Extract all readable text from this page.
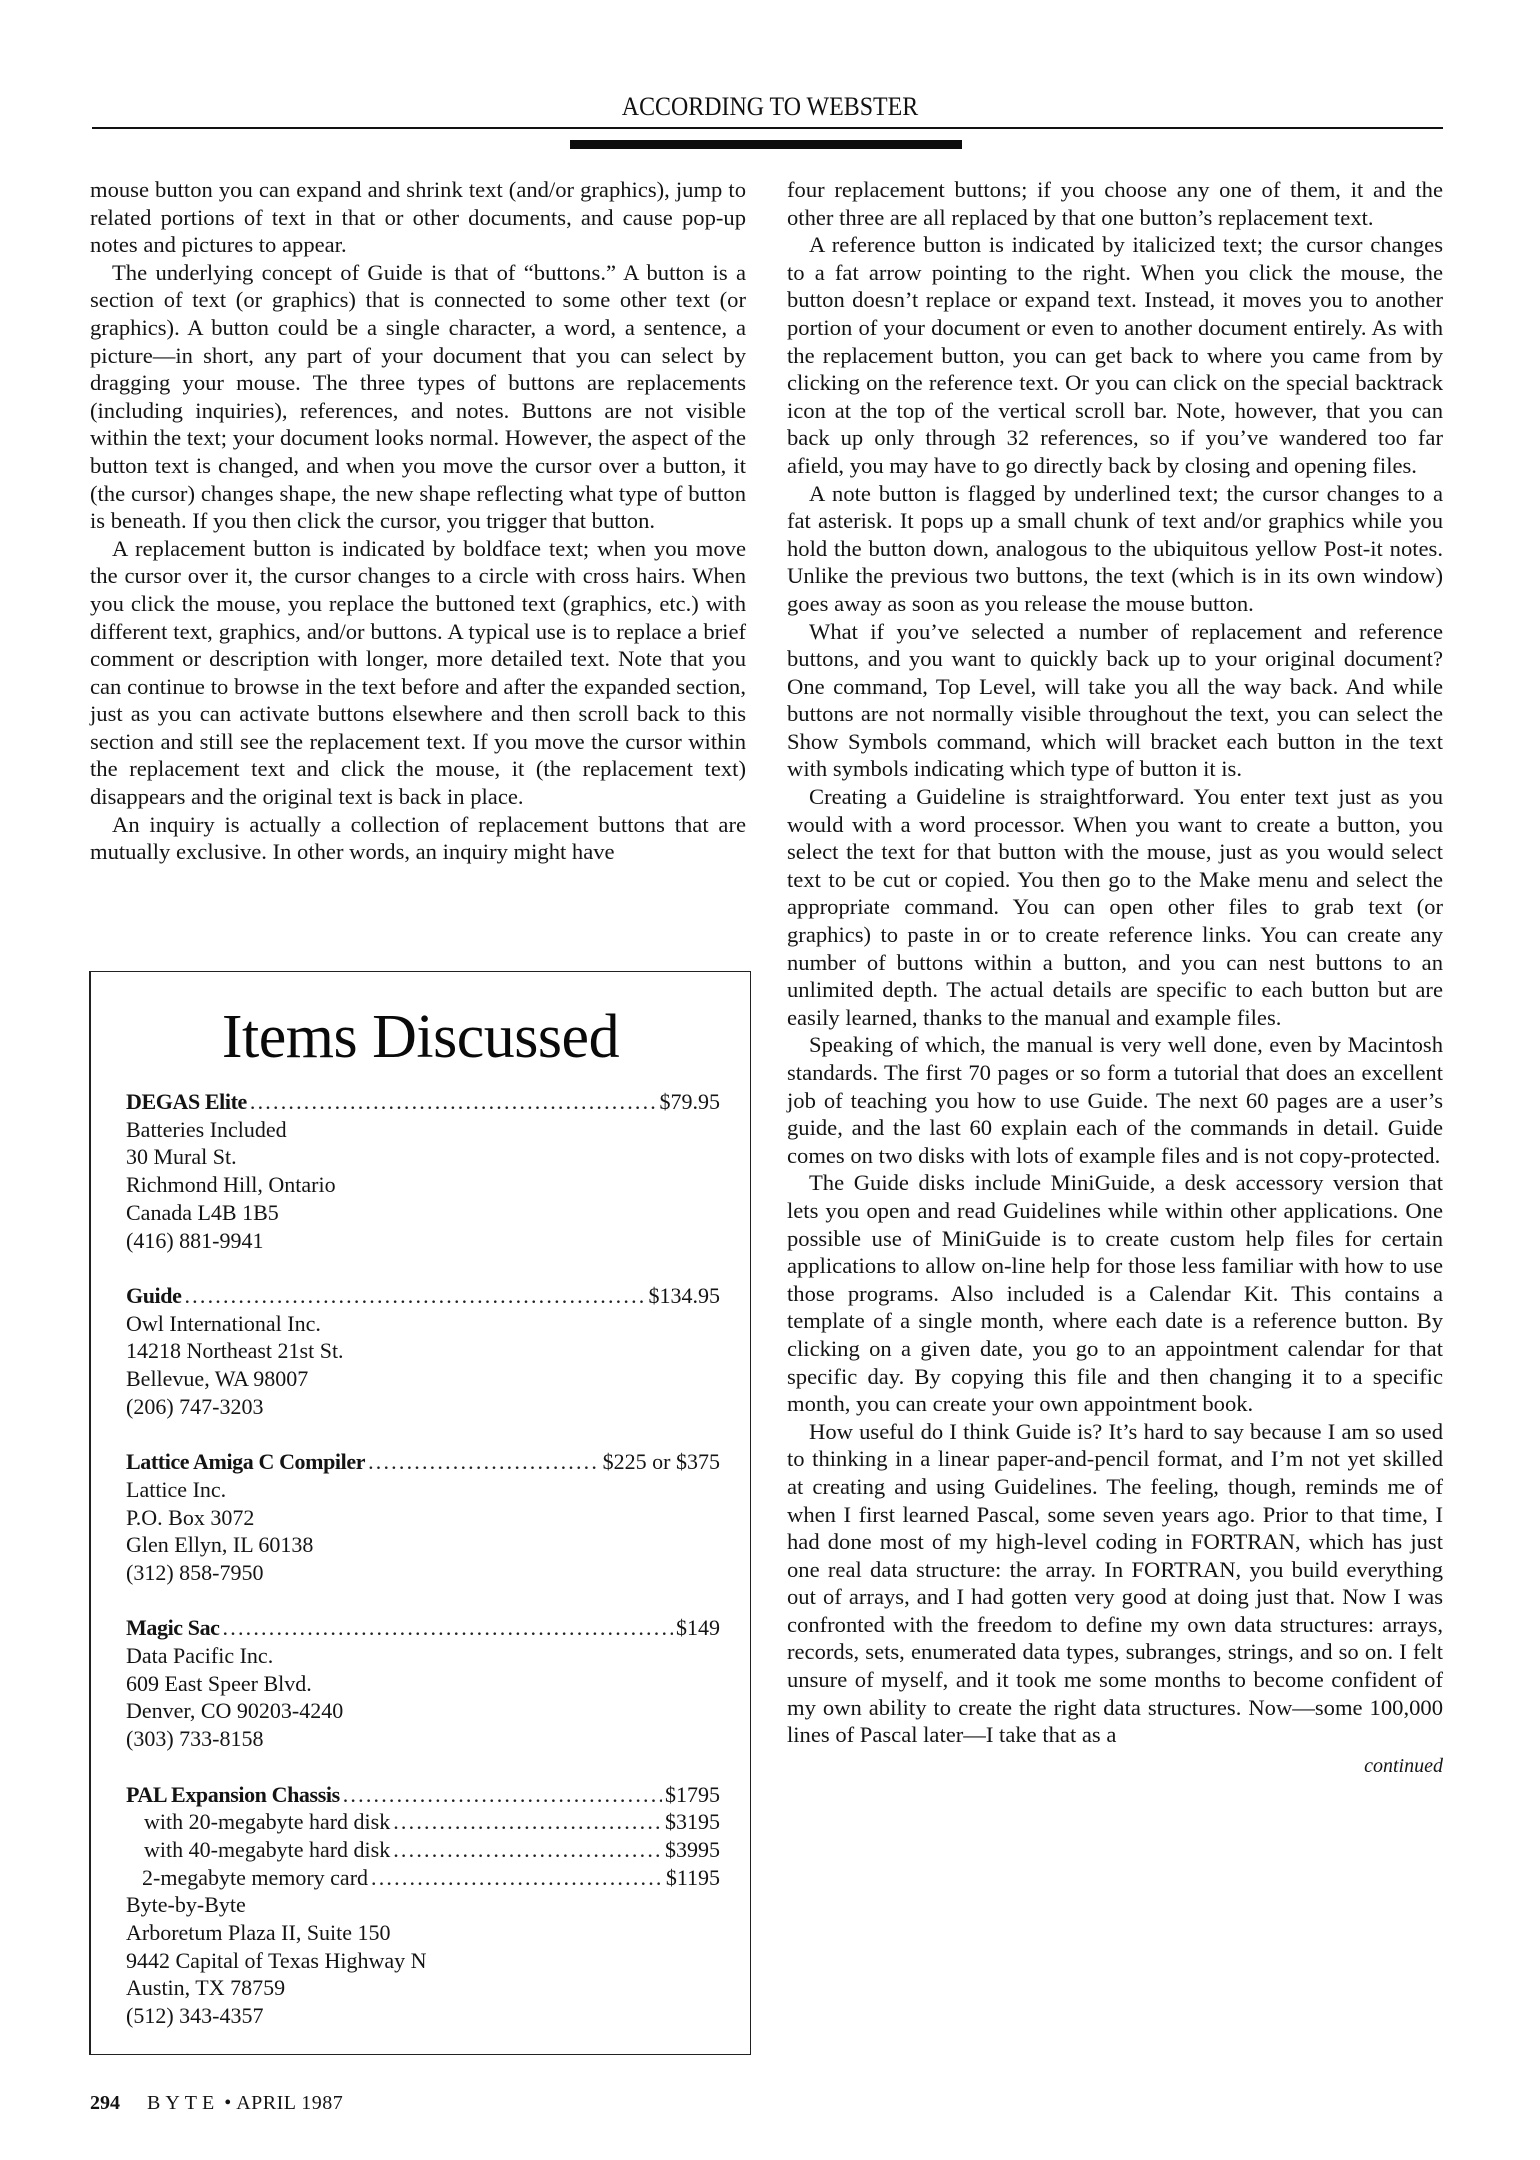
ACCORDING TO WEBSTER

mouse button you can expand and shrink text (and/or graphics), jump to related portions of text in that or other documents, and cause pop-up notes and pictures to appear.

The underlying concept of Guide is that of “buttons.” A button is a section of text (or graphics) that is connected to some other text (or graphics). A button could be a single character, a word, a sentence, a picture—in short, any part of your document that you can select by dragging your mouse. The three types of buttons are replacements (including inquiries), references, and notes. Buttons are not visible within the text; your document looks normal. However, the aspect of the button text is changed, and when you move the cursor over a button, it (the cursor) changes shape, the new shape reflecting what type of button is beneath. If you then click the cursor, you trigger that button.

A replacement button is indicated by boldface text; when you move the cursor over it, the cursor changes to a circle with cross hairs. When you click the mouse, you replace the buttoned text (graphics, etc.) with different text, graphics, and/or buttons. A typical use is to replace a brief comment or description with longer, more detailed text. Note that you can continue to browse in the text before and after the expanded section, just as you can activate buttons elsewhere and then scroll back to this section and still see the replacement text. If you move the cursor within the replacement text and click the mouse, it (the replacement text) disappears and the original text is back in place.

An inquiry is actually a collection of replacement buttons that are mutually exclusive. In other words, an inquiry might have

Items Discussed
DEGAS Elite .....	$79.95
Batteries Included
30 Mural St.
Richmond Hill, Ontario
Canada L4B 1B5
(416) 881-9941
Guide .....	$134.95
Owl International Inc.
14218 Northeast 21st St.
Bellevue, WA 98007
(206) 747-3203
Lattice Amiga C Compiler .....	$225 or $375
Lattice Inc.
P.O. Box 3072
Glen Ellyn, IL 60138
(312) 858-7950
Magic Sac .....	$149
Data Pacific Inc.
609 East Speer Blvd.
Denver, CO 90203-4240
(303) 733-8158
PAL Expansion Chassis .....	$1795
with 20-megabyte hard disk .....	$3195
with 40-megabyte hard disk .....	$3995
2-megabyte memory card .....	$1195
Byte-by-Byte
Arboretum Plaza II, Suite 150
9442 Capital of Texas Highway N
Austin, TX 78759
(512) 343-4357

four replacement buttons; if you choose any one of them, it and the other three are all replaced by that one button’s replacement text.

A reference button is indicated by italicized text; the cursor changes to a fat arrow pointing to the right. When you click the mouse, the button doesn’t replace or expand text. Instead, it moves you to another portion of your document or even to another document entirely. As with the replacement button, you can get back to where you came from by clicking on the reference text. Or you can click on the special backtrack icon at the top of the vertical scroll bar. Note, however, that you can back up only through 32 references, so if you’ve wandered too far afield, you may have to go directly back by closing and opening files.

A note button is flagged by underlined text; the cursor changes to a fat asterisk. It pops up a small chunk of text and/or graphics while you hold the button down, analogous to the ubiquitous yellow Post-it notes. Unlike the previous two buttons, the text (which is in its own window) goes away as soon as you release the mouse button.

What if you’ve selected a number of replacement and reference buttons, and you want to quickly back up to your original document? One command, Top Level, will take you all the way back. And while buttons are not normally visible throughout the text, you can select the Show Symbols command, which will bracket each button in the text with symbols indicating which type of button it is.

Creating a Guideline is straightforward. You enter text just as you would with a word processor. When you want to create a button, you select the text for that button with the mouse, just as you would select text to be cut or copied. You then go to the Make menu and select the appropriate command. You can open other files to grab text (or graphics) to paste in or to create reference links. You can create any number of buttons within a button, and you can nest buttons to an unlimited depth. The actual details are specific to each button but are easily learned, thanks to the manual and example files.

Speaking of which, the manual is very well done, even by Macintosh standards. The first 70 pages or so form a tutorial that does an excellent job of teaching you how to use Guide. The next 60 pages are a user’s guide, and the last 60 explain each of the commands in detail. Guide comes on two disks with lots of example files and is not copy-protected.

The Guide disks include MiniGuide, a desk accessory version that lets you open and read Guidelines while within other applications. One possible use of MiniGuide is to create custom help files for certain applications to allow on-line help for those less familiar with how to use those programs. Also included is a Calendar Kit. This contains a template of a single month, where each date is a reference button. By clicking on a given date, you go to an appointment calendar for that specific day. By copying this file and then changing it to a specific month, you can create your own appointment book.

How useful do I think Guide is? It’s hard to say because I am so used to thinking in a linear paper-and-pencil format, and I’m not yet skilled at creating and using Guidelines. The feeling, though, reminds me of when I first learned Pascal, some seven years ago. Prior to that time, I had done most of my high-level coding in FORTRAN, which has just one real data structure: the array. In FORTRAN, you build everything out of arrays, and I had gotten very good at doing just that. Now I was confronted with the freedom to define my own data structures: arrays, records, sets, enumerated data types, subranges, strings, and so on. I felt unsure of myself, and it took me some months to become confident of my own ability to create the right data structures. Now—some 100,000 lines of Pascal later—I take that as a

continued
294 BYTE • APRIL 1987
